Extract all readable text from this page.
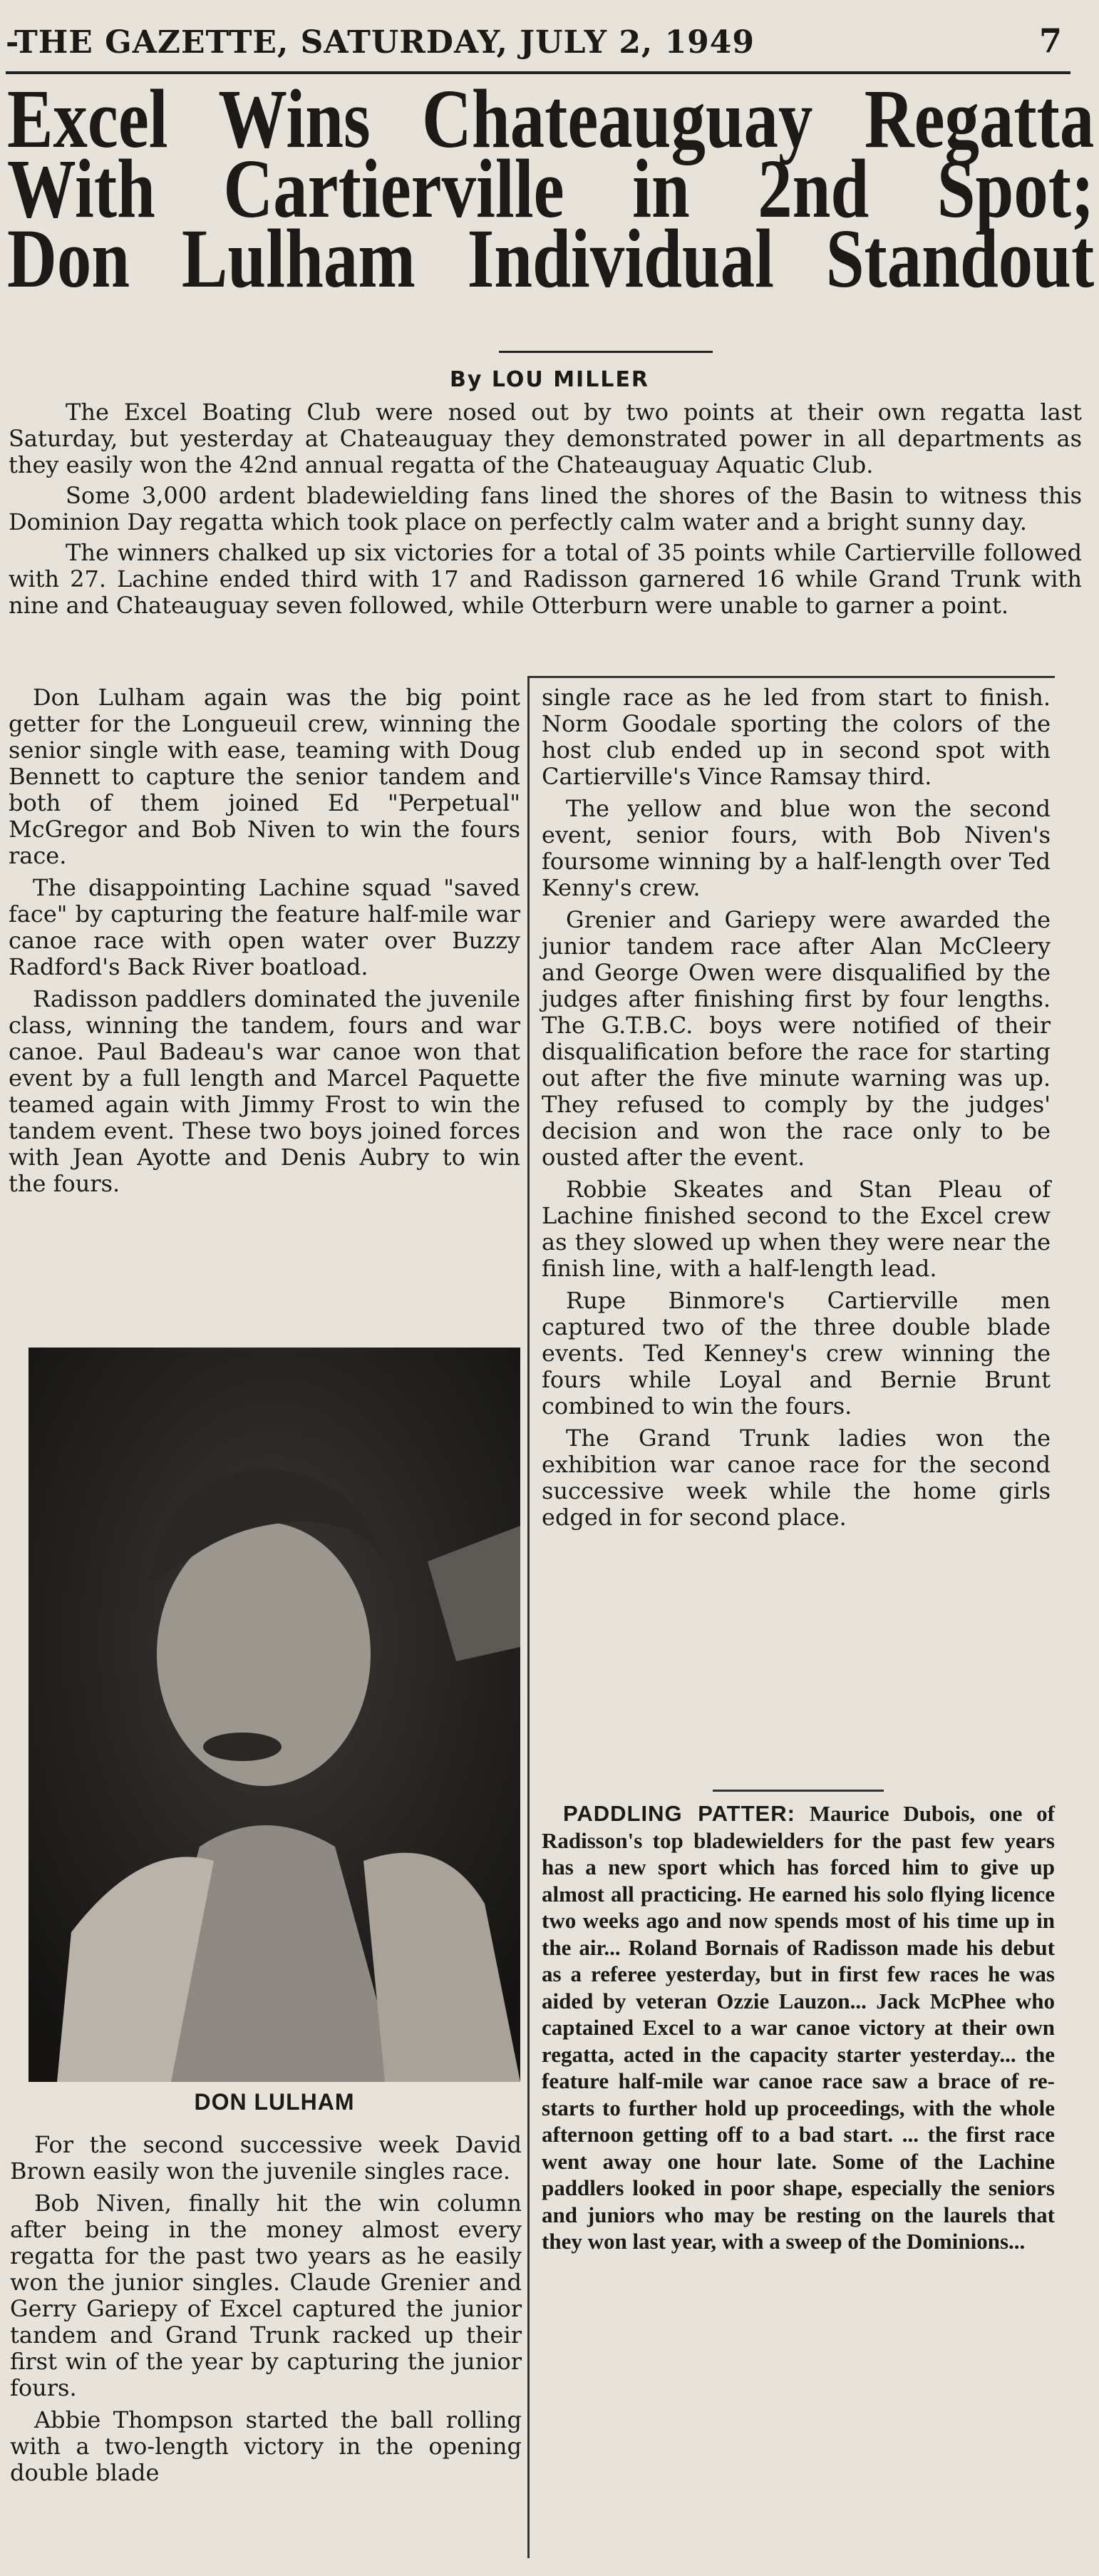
-THE GAZETTE, SATURDAY, JULY 2, 1949	7
Excel Wins Chateauguay Regatta
With Cartierville in 2nd Spot;
Don Lulham Individual Standout
By LOU MILLER

The Excel Boating Club were nosed out by two points at their own regatta last Saturday, but yesterday at Chateauguay they demonstrated power in all departments as they easily won the 42nd annual regatta of the Chateauguay Aquatic Club.

Some 3,000 ardent bladewielding fans lined the shores of the Basin to witness this Dominion Day regatta which took place on perfectly calm water and a bright sunny day.

The winners chalked up six victories for a total of 35 points while Cartierville followed with 27. Lachine ended third with 17 and Radisson garnered 16 while Grand Trunk with nine and Chateauguay seven followed, while Otterburn were unable to garner a point.

Don Lulham again was the big point getter for the Longueuil crew, winning the senior single with ease, teaming with Doug Bennett to capture the senior tandem and both of them joined Ed "Perpetual" McGregor and Bob Niven to win the fours race.

The disappointing Lachine squad "saved face" by capturing the feature half-mile war canoe race with open water over Buzzy Radford's Back River boatload.

Radisson paddlers dominated the juvenile class, winning the tandem, fours and war canoe. Paul Badeau's war canoe won that event by a full length and Marcel Paquette teamed again with Jimmy Frost to win the tandem event. These two boys joined forces with Jean Ayotte and Denis Aubry to win the fours.

DON LULHAM

For the second successive week David Brown easily won the juvenile singles race.

Bob Niven, finally hit the win column after being in the money almost every regatta for the past two years as he easily won the junior singles. Claude Grenier and Gerry Gariepy of Excel captured the junior tandem and Grand Trunk racked up their first win of the year by capturing the junior fours.

Abbie Thompson started the ball rolling with a two-length victory in the opening double blade

single race as he led from start to finish. Norm Goodale sporting the colors of the host club ended up in second spot with Cartierville's Vince Ramsay third.

The yellow and blue won the second event, senior fours, with Bob Niven's foursome winning by a half-length over Ted Kenny's crew.

Grenier and Gariepy were awarded the junior tandem race after Alan McCleery and George Owen were disqualified by the judges after finishing first by four lengths. The G.T.B.C. boys were notified of their disqualification before the race for starting out after the five minute warning was up. They refused to comply by the judges' decision and won the race only to be ousted after the event.

Robbie Skeates and Stan Pleau of Lachine finished second to the Excel crew as they slowed up when they were near the finish line, with a half-length lead.

Rupe Binmore's Cartierville men captured two of the three double blade events. Ted Kenney's crew winning the fours while Loyal and Bernie Brunt combined to win the fours.

The Grand Trunk ladies won the exhibition war canoe race for the second successive week while the home girls edged in for second place.

PADDLING PATTER: Maurice Dubois, one of Radisson's top bladewielders for the past few years has a new sport which has forced him to give up almost all practicing. He earned his solo flying licence two weeks ago and now spends most of his time up in the air... Roland Bornais of Radisson made his debut as a referee yesterday, but in first few races he was aided by veteran Ozzie Lauzon... Jack McPhee who captained Excel to a war canoe victory at their own regatta, acted in the capacity starter yesterday... the feature half-mile war canoe race saw a brace of re-starts to further hold up proceedings, with the whole afternoon getting off to a bad start. ... the first race went away one hour late. Some of the Lachine paddlers looked in poor shape, especially the seniors and juniors who may be resting on the laurels that they won last year, with a sweep of the Dominions...
